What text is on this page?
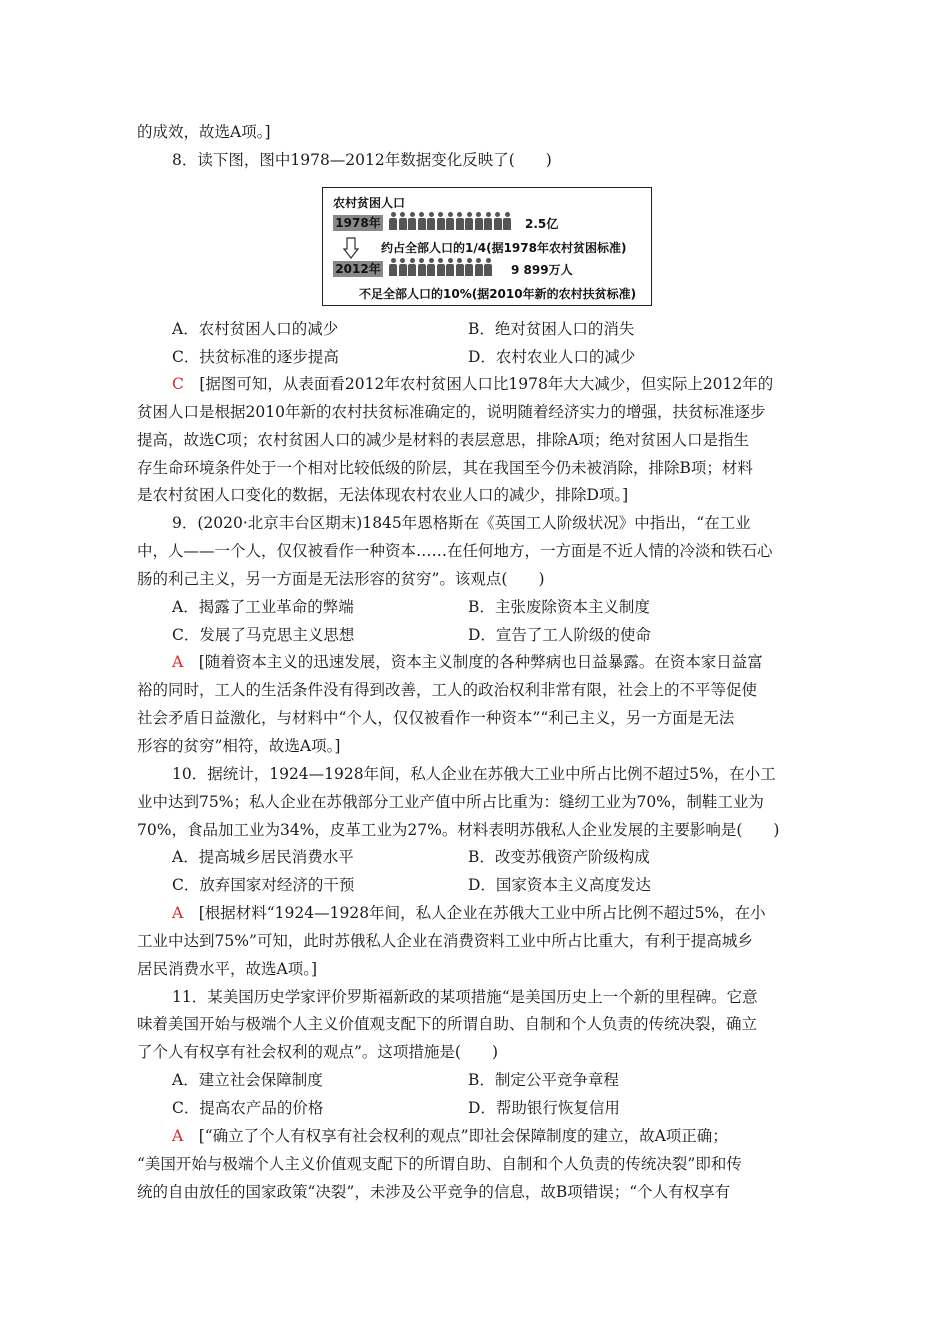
的成效，故选A项。]
8．读下图，图中1978—2012年数据变化反映了(　　)
农村贫困人口
1978年	2.5亿
约占全部人口的1/4(据1978年农村贫困标准)
2012年	9 899万人
不足全部人口的10%(据2010年新的农村扶贫标准)
A．农村贫困人口的减少	B．绝对贫困人口的消失
C．扶贫标准的逐步提高	D．农村农业人口的减少
C　[据图可知，从表面看2012年农村贫困人口比1978年大大减少，但实际上2012年的
贫困人口是根据2010年新的农村扶贫标准确定的，说明随着经济实力的增强，扶贫标准逐步
提高，故选C项；农村贫困人口的减少是材料的表层意思，排除A项；绝对贫困人口是指生
存生命环境条件处于一个相对比较低级的阶层，其在我国至今仍未被消除，排除B项；材料
是农村贫困人口变化的数据，无法体现农村农业人口的减少，排除D项。]
9．(2020·北京丰台区期末)1845年恩格斯在《英国工人阶级状况》中指出，“在工业
中，人——一个人，仅仅被看作一种资本……在任何地方，一方面是不近人情的冷淡和铁石心
肠的利己主义，另一方面是无法形容的贫穷”。该观点(　　)
A．揭露了工业革命的弊端	B．主张废除资本主义制度
C．发展了马克思主义思想	D．宣告了工人阶级的使命
A　[随着资本主义的迅速发展，资本主义制度的各种弊病也日益暴露。在资本家日益富
裕的同时，工人的生活条件没有得到改善，工人的政治权利非常有限，社会上的不平等促使
社会矛盾日益激化，与材料中“个人，仅仅被看作一种资本”“利己主义，另一方面是无法
形容的贫穷”相符，故选A项。]
10．据统计，1924—1928年间，私人企业在苏俄大工业中所占比例不超过5%，在小工
业中达到75%；私人企业在苏俄部分工业产值中所占比重为：缝纫工业为70%，制鞋工业为
70%，食品加工业为34%，皮革工业为27%。材料表明苏俄私人企业发展的主要影响是(　　)
A．提高城乡居民消费水平	B．改变苏俄资产阶级构成
C．放弃国家对经济的干预	D．国家资本主义高度发达
A　[根据材料“1924—1928年间，私人企业在苏俄大工业中所占比例不超过5%，在小
工业中达到75%”可知，此时苏俄私人企业在消费资料工业中所占比重大，有利于提高城乡
居民消费水平，故选A项。]
11．某美国历史学家评价罗斯福新政的某项措施“是美国历史上一个新的里程碑。它意
味着美国开始与极端个人主义价值观支配下的所谓自助、自制和个人负责的传统决裂，确立
了个人有权享有社会权利的观点”。这项措施是(　　)
A．建立社会保障制度	B．制定公平竞争章程
C．提高农产品的价格	D．帮助银行恢复信用
A　[“确立了个人有权享有社会权利的观点”即社会保障制度的建立，故A项正确；
“美国开始与极端个人主义价值观支配下的所谓自助、自制和个人负责的传统决裂”即和传
统的自由放任的国家政策“决裂”，未涉及公平竞争的信息，故B项错误；“个人有权享有
